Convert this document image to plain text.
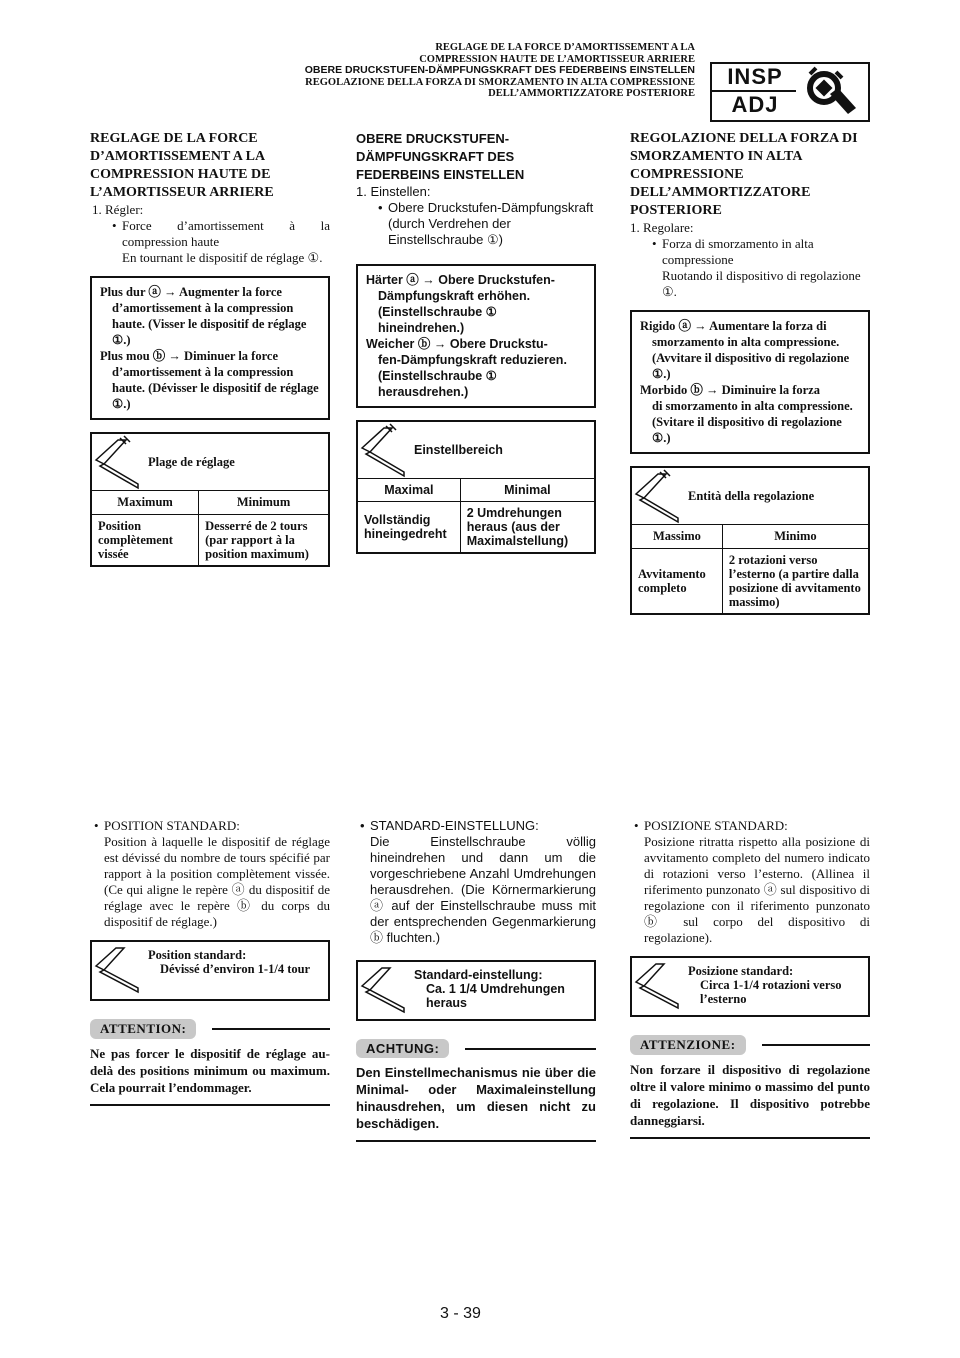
REGLAGE DE LA FORCE D’AMORTISSEMENT A LA
COMPRESSION HAUTE DE L’AMORTISSEUR ARRIERE
OBERE DRUCKSTUFEN-DÄMPFUNGSKRAFT DES FEDERBEINS EINSTELLEN
REGOLAZIONE DELLA FORZA DI SMORZAMENTO IN ALTA COMPRESSIONE
DELL’AMMORTIZZATORE POSTERIORE
INSP
ADJ
REGLAGE DE LA FORCE D’AMORTISSEMENT A LA COMPRESSION HAUTE DE L’AMORTISSEUR ARRIERE
1. Régler:
• Force d’amortissement à la compression haute
En tournant le dispositif de réglage ①.

Plus dur ⓐ → Augmenter la force

d’amortissement à la compression haute. (Visser le dispositif de réglage ①.)

Plus mou ⓑ → Diminuer la force

d’amortissement à la compression haute. (Dévisser le dispositif de réglage ①.)

Plage de réglage
Maximum	Minimum
Position complètement vissée	Desserré de 2 tours (par rapport à la position maximum)
OBERE DRUCKSTUFEN-DÄMPFUNGSKRAFT DES FEDERBEINS EINSTELLEN
1. Einstellen:
• Obere Druckstufen-Dämpfungskraft
(durch Verdrehen der Einstellschraube ①)

Härter ⓐ → Obere Druckstufen-

Dämpfungskraft erhöhen. (Einstellschraube ① hineindrehen.)

Weicher ⓑ → Obere Druckstu-

fen-Dämpfungskraft reduzieren. (Einstellschraube ① herausdrehen.)

Einstellbereich
Maximal	Minimal
Vollständig hineingedreht	2 Umdrehungen heraus (aus der Maximalstellung)
REGOLAZIONE DELLA FORZA DI SMORZAMENTO IN ALTA COMPRESSIONE DELL’AMMORTIZZATORE POSTERIORE
1. Regolare:
• Forza di smorzamento in alta compressione
Ruotando il dispositivo di regolazione ①.

Rigido ⓐ → Aumentare la forza di

smorzamento in alta compressione. (Avvitare il dispositivo di regolazione ①.)

Morbido ⓑ → Diminuire la forza

di smorzamento in alta compressione. (Svitare il dispositivo di regolazione ①.)

Entità della regolazione
Massimo	Minimo
Avvitamento completo	2 rotazioni verso l’esterno (a partire dalla posizione di avvitamento massimo)
• POSITION STANDARD:
Position à laquelle le dispositif de réglage est dévissé du nombre de tours spécifié par rapport à la position complètement vissée. (Ce qui aligne le repère ⓐ du dispositif de réglage avec le repère ⓑ du corps du dispositif de réglage.)
Position standard:
Dévissé d’environ 1-1/4 tour
ATTENTION:
Ne pas forcer le dispositif de réglage au-delà des positions minimum ou maximum. Cela pourrait l’endommager.
• STANDARD-EINSTELLUNG:
Die Einstellschraube völlig hineindrehen und dann um die vorgeschriebene Anzahl Umdrehungen herausdrehen. (Die Körnermarkierung ⓐ auf der Einstellschraube muss mit der entsprechenden Gegenmarkierung ⓑ fluchten.)
Standard-einstellung:
Ca. 1 1/4 Umdrehungen heraus
ACHTUNG:
Den Einstellmechanismus nie über die Minimal- oder Maximaleinstellung hinausdrehen, um diesen nicht zu beschädigen.
• POSIZIONE STANDARD:
Posizione ritratta rispetto alla posizione di avvitamento completo del numero indicato di rotazioni verso l’esterno. (Allinea il riferimento punzonato ⓐ sul dispositivo di regolazione con il riferimento punzonato ⓑ sul corpo del dispositivo di regolazione).
Posizione standard:
Circa 1-1/4 rotazioni verso l’esterno
ATTENZIONE:
Non forzare il dispositivo di regolazione oltre il valore minimo o massimo del punto di regolazione. Il dispositivo potrebbe danneggiarsi.
3 - 39
